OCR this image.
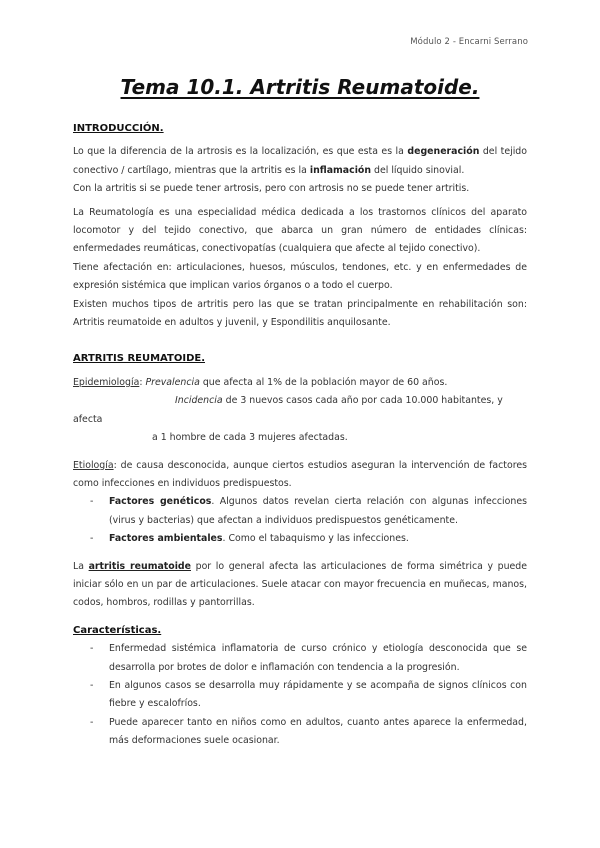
Módulo 2 - Encarni Serrano
Tema 10.1. Artritis Reumatoide.
INTRODUCCIÓN.

Lo que la diferencia de la artrosis es la localización, es que esta es la degeneración del tejido conectivo / cartílago, mientras que la artritis es la inflamación del líquido sinovial.

Con la artritis si se puede tener artrosis, pero con artrosis no se puede tener artritis.

La Reumatología es una especialidad médica dedicada a los trastornos clínicos del aparato locomotor y del tejido conectivo, que abarca un gran número de entidades clínicas: enfermedades reumáticas, conectivopatías (cualquiera que afecte al tejido conectivo).

Tiene afectación en: articulaciones, huesos, músculos, tendones, etc. y en enfermedades de expresión sistémica que implican varios órganos o a todo el cuerpo.

Existen muchos tipos de artritis pero las que se tratan principalmente en rehabilitación son: Artritis reumatoide en adultos y juvenil, y Espondilitis anquilosante.

ARTRITIS REUMATOIDE.

Epidemiología: Prevalencia que afecta al 1% de la población mayor de 60 años.

Incidencia de 3 nuevos casos cada año por cada 10.000 habitantes, y

afecta

a 1 hombre de cada 3 mujeres afectadas.

Etiología: de causa desconocida, aunque ciertos estudios aseguran la intervención de factores como infecciones en individuos predispuestos.

- Factores genéticos. Algunos datos revelan cierta relación con algunas infecciones (virus y bacterias) que afectan a individuos predispuestos genéticamente.
- Factores ambientales. Como el tabaquismo y las infecciones.

La artritis reumatoide por lo general afecta las articulaciones de forma simétrica y puede iniciar sólo en un par de articulaciones. Suele atacar con mayor frecuencia en muñecas, manos, codos, hombros, rodillas y pantorrillas.

Características.
- Enfermedad sistémica inflamatoria de curso crónico y etiología desconocida que se desarrolla por brotes de dolor e inflamación con tendencia a la progresión.
- En algunos casos se desarrolla muy rápidamente y se acompaña de signos clínicos con fiebre y escalofríos.
- Puede aparecer tanto en niños como en adultos, cuanto antes aparece la enfermedad, más deformaciones suele ocasionar.
